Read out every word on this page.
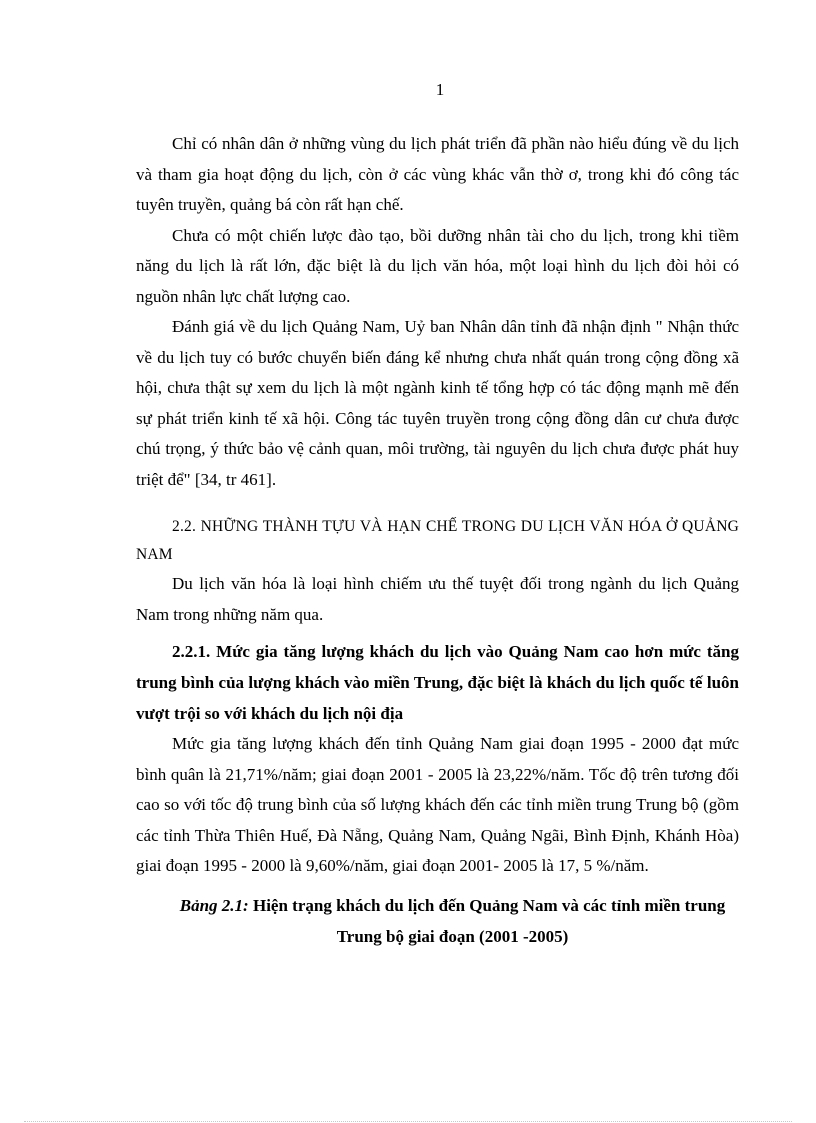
1

Chỉ có nhân dân ở những vùng du lịch phát triển đã phần nào hiểu đúng về du lịch và tham gia hoạt động du lịch, còn ở các vùng khác vẫn thờ ơ, trong khi đó công tác tuyên truyền, quảng bá còn rất hạn chế.

Chưa có một chiến lược đào tạo, bồi dưỡng nhân tài cho du lịch, trong khi tiềm năng du lịch là rất lớn, đặc biệt là du lịch văn hóa, một loại hình du lịch đòi hỏi có nguồn nhân lực chất lượng cao.

Đánh giá về du lịch Quảng Nam, Uỷ ban Nhân dân tỉnh đã nhận định " Nhận thức về du lịch tuy có bước chuyển biến đáng kể nhưng chưa nhất quán trong cộng đồng xã hội, chưa thật sự xem du lịch là một ngành kinh tế tổng hợp có tác động mạnh mẽ đến sự phát triển kinh tế xã hội. Công tác tuyên truyền trong cộng đồng dân cư chưa được chú trọng, ý thức bảo vệ cảnh quan, môi trường, tài nguyên du lịch chưa được phát huy triệt để" [34, tr 461].

2.2. NHỮNG THÀNH TỰU VÀ HẠN CHẾ TRONG DU LỊCH VĂN HÓA Ở QUẢNG NAM

Du lịch văn hóa là loại hình chiếm ưu thế tuyệt đối trong ngành du lịch Quảng Nam trong những năm qua.

2.2.1. Mức gia tăng lượng khách du lịch vào Quảng Nam cao hơn mức tăng trung bình của lượng khách vào miền Trung, đặc biệt là khách du lịch quốc tế luôn vượt trội so với khách du lịch nội địa

Mức gia tăng lượng khách đến tỉnh Quảng Nam giai đoạn 1995 - 2000 đạt mức bình quân là 21,71%/năm; giai đoạn 2001 - 2005 là 23,22%/năm. Tốc độ trên tương đối cao so với tốc độ trung bình của số lượng khách đến các tỉnh miền trung Trung bộ (gồm các tỉnh Thừa Thiên Huế, Đà Nẵng, Quảng Nam, Quảng Ngãi, Bình Định, Khánh Hòa) giai đoạn 1995 - 2000 là 9,60%/năm, giai đoạn 2001- 2005 là 17, 5 %/năm.

Bảng 2.1: Hiện trạng khách du lịch đến Quảng Nam và các tỉnh miền trung Trung bộ giai đoạn (2001 -2005)
